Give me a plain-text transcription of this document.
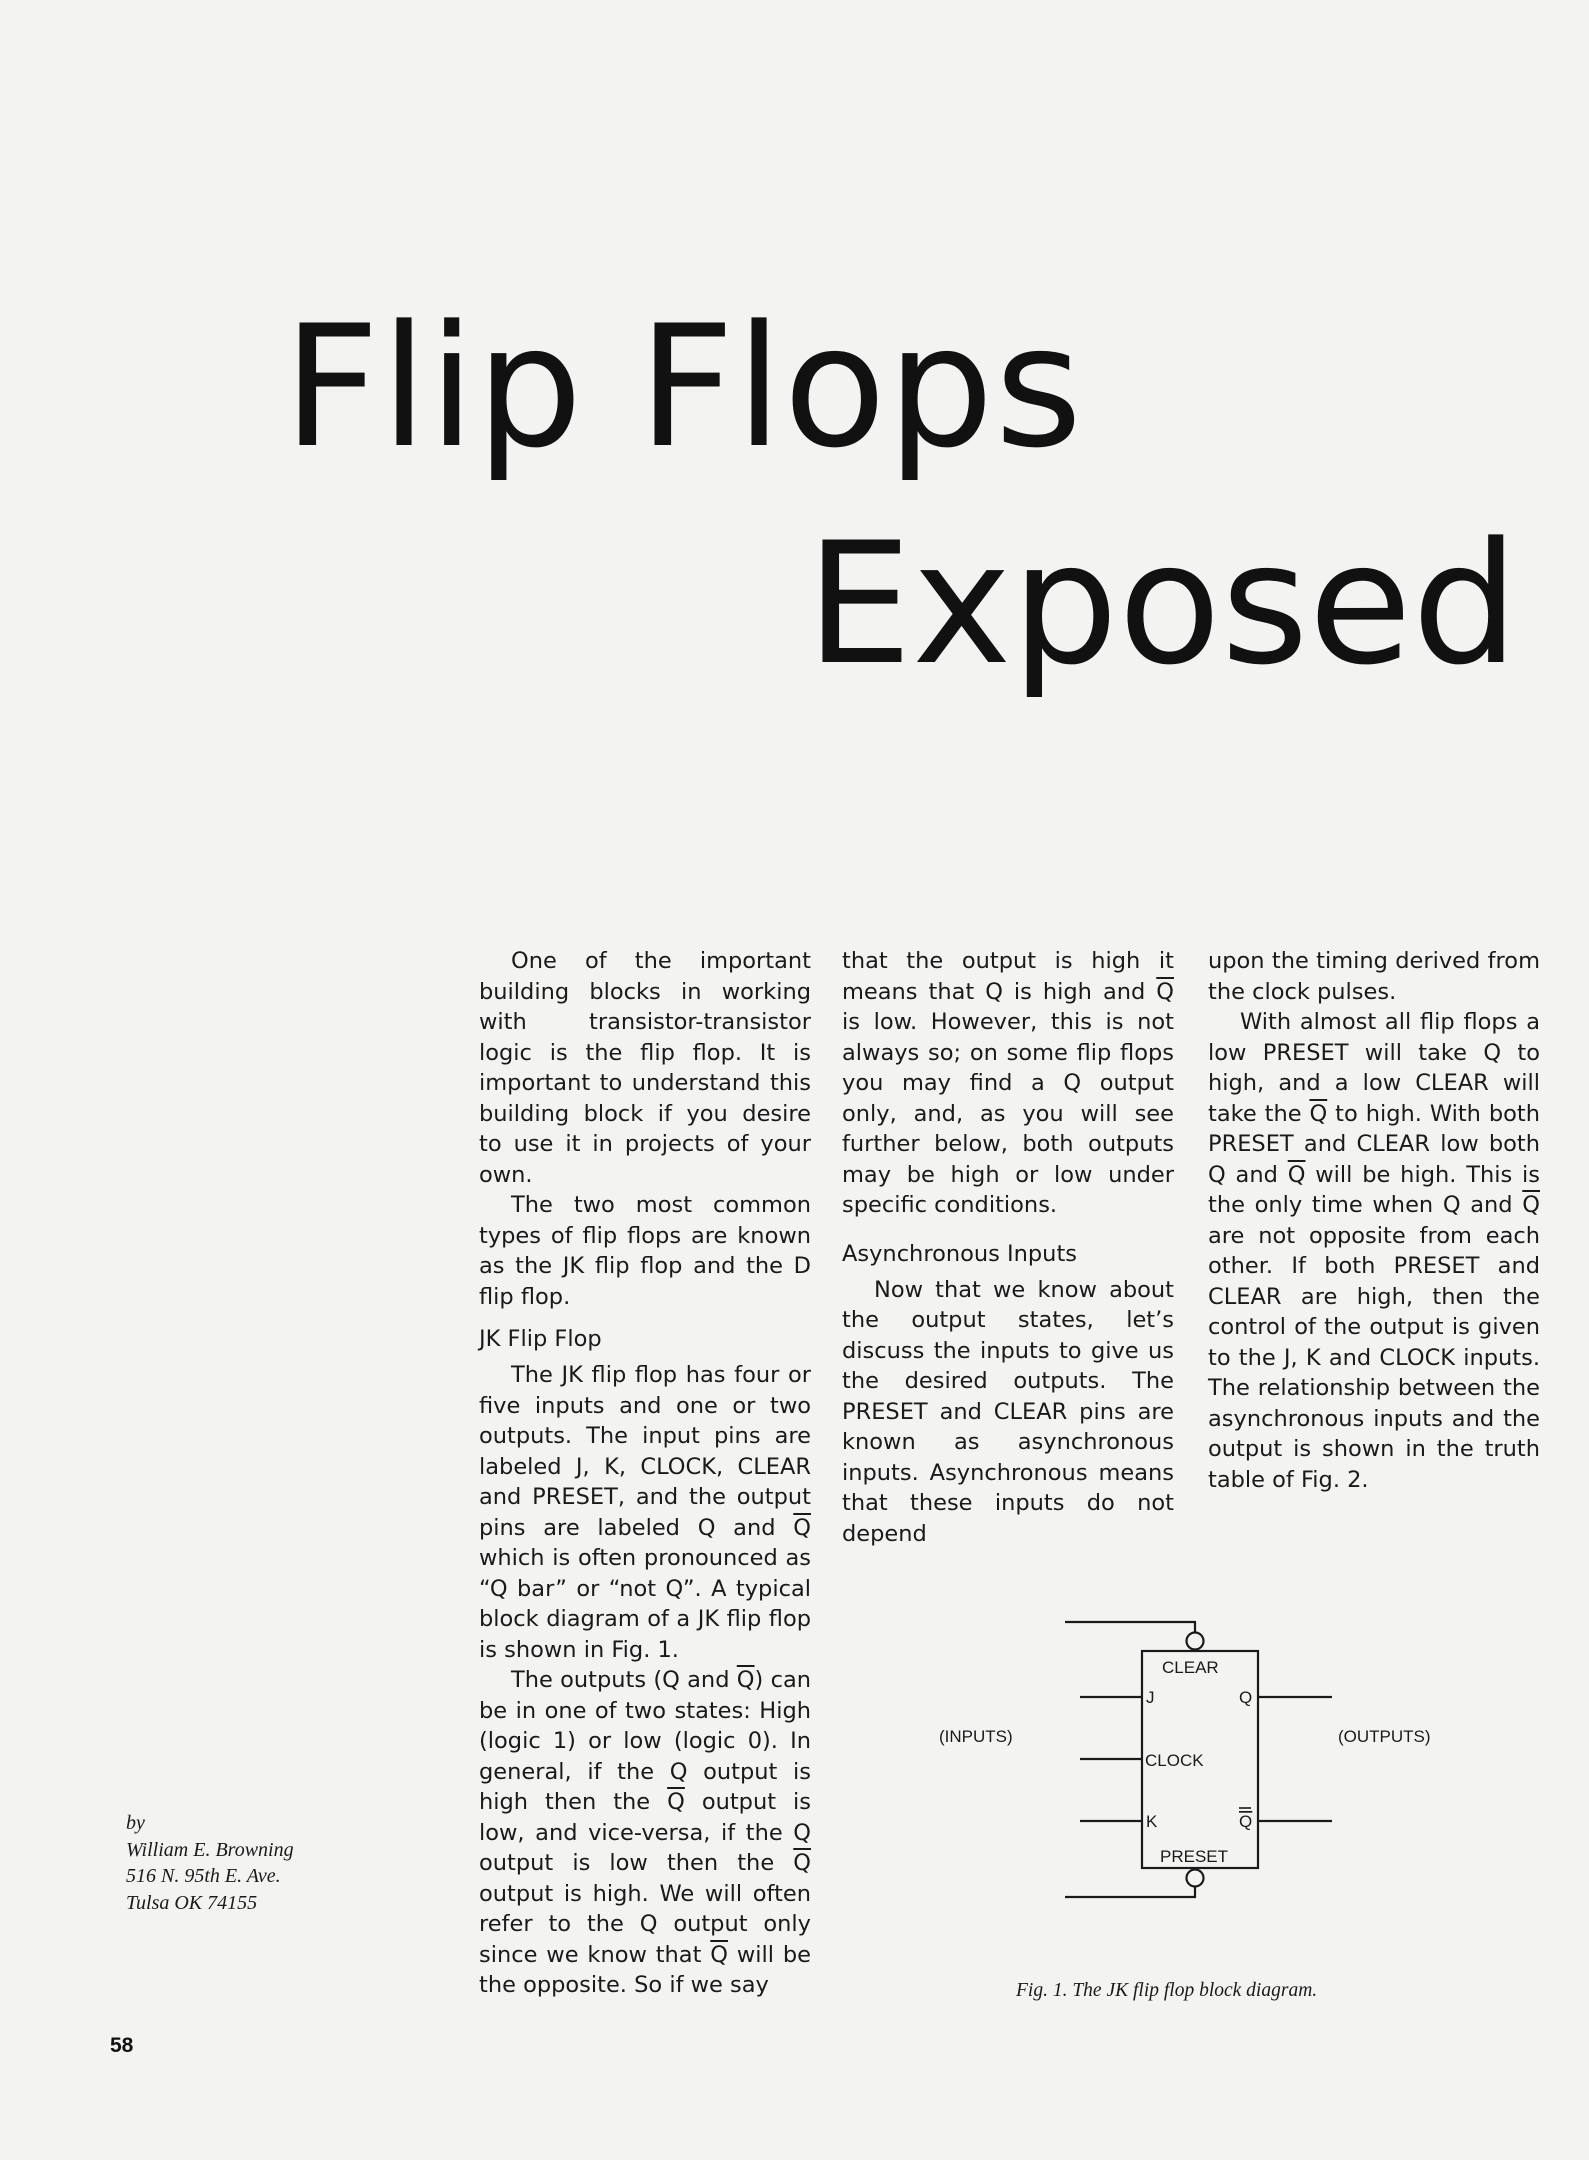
Flip Flops
Exposed

One of the important building blocks in working with transistor-transistor logic is the flip flop. It is important to understand this building block if you desire to use it in projects of your own.

The two most common types of flip flops are known as the JK flip flop and the D flip flop.

JK Flip Flop

The JK flip flop has four or five inputs and one or two outputs. The input pins are labeled J, K, CLOCK, CLEAR and PRESET, and the output pins are labeled Q and $\overline{Q}$ which is often pronounced as “Q bar” or “not Q”. A typical block diagram of a JK flip flop is shown in Fig. 1.

The outputs (Q and $\overline{Q}$) can be in one of two states: High (logic 1) or low (logic 0). In general, if the Q output is high then the $\overline{Q}$ output is low, and vice-versa, if the Q output is low then the $\overline{Q}$ output is high. We will often refer to the Q output only since we know that $\overline{Q}$ will be the opposite. So if we say

that the output is high it means that Q is high and $\overline{Q}$ is low. However, this is not always so; on some flip flops you may find a Q output only, and, as you will see further below, both outputs may be high or low under specific conditions.

Asynchronous Inputs

Now that we know about the output states, let’s discuss the inputs to give us the desired outputs. The PRESET and CLEAR pins are known as asynchronous inputs. Asynchronous means that these inputs do not depend

upon the timing derived from the clock pulses.

With almost all flip flops a low PRESET will take Q to high, and a low CLEAR will take the $\overline{Q}$ to high. With both PRESET and CLEAR low both Q and $\overline{Q}$ will be high. This is the only time when Q and $\overline{Q}$ are not opposite from each other. If both PRESET and CLEAR are high, then the control of the output is given to the J, K and CLOCK inputs. The relationship between the asynchronous inputs and the output is shown in the truth table of Fig. 2.

CLEAR
J	Q
CLOCK
K	Q
PRESET
(INPUTS)	(OUTPUTS)
Fig. 1. The JK flip flop block diagram.
by
William E. Browning
516 N. 95th E. Ave.
Tulsa OK 74155
58
